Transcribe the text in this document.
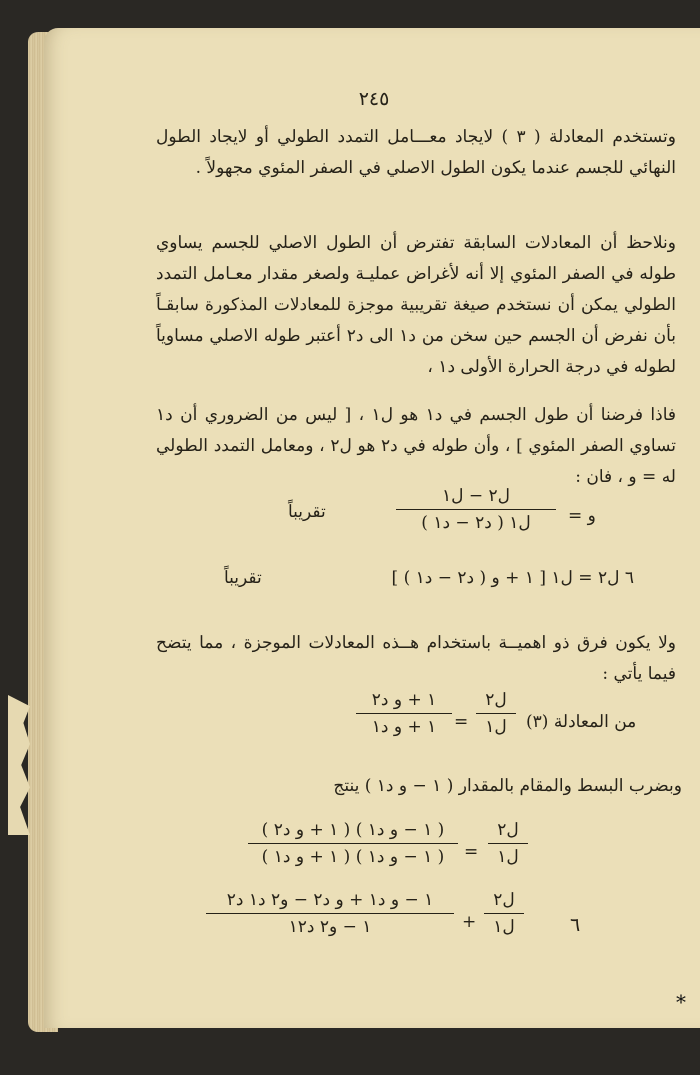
٢٤٥
وتستخدم المعادلة ( ٣ ) لايجاد معـــامل التمدد الطولي أو لايجاد الطول النهائي للجسم عندما يكون الطول الاصلي في الصفر المئوي مجهولاً .
ونلاحظ أن المعادلات السابقة تفترض أن الطول الاصلي للجسم يساوي طوله في الصفر المئوي إلا أنه لأغراض عمليـة ولصغر مقدار معـامل التمدد الطولي يمكن أن نستخدم صيغة تقريبية موجزة للمعادلات المذكورة سابقـاً بأن نفرض أن الجسم حين سخن من د١ الى د٢ أعتبر طوله الاصلي مساوياً لطوله في درجة الحرارة الأولى د١ ،
فاذا فرضنا أن طول الجسم في د١ هو ل١ ، [ ليس من الضروري أن د١ تساوي الصفر المئوي ] ، وأن طوله في د٢ هو ل٢ ، ومعامل التمدد الطولي له = و ، فان :
و =
ل٢ − ل١
ل١ ( د٢ − د١ )
تقريباً
٦ ل٢ = ل١ [ ١ + و ( د٢ − د١ ) ]
تقريباً
ولا يكون فرق ذو اهميــة باستخدام هــذه المعادلات الموجزة ، مما يتضح فيما يأتي :
من المعادلة (٣)
ل٢
ل١
=
١ + و د٢
١ + و د١
وبضرب البسط والمقام بالمقدار ( ١ − و د١ ) ينتج
ل٢
ل١
=
( ١ + و د٢ ) ( ١ − و د١ )
( ١ + و د١ ) ( ١ − و د١ )
٦
ل٢
ل١
+
١ − و د١ + و د٢ − و٢ د١ د٢
١ − و٢ د١٢
*
